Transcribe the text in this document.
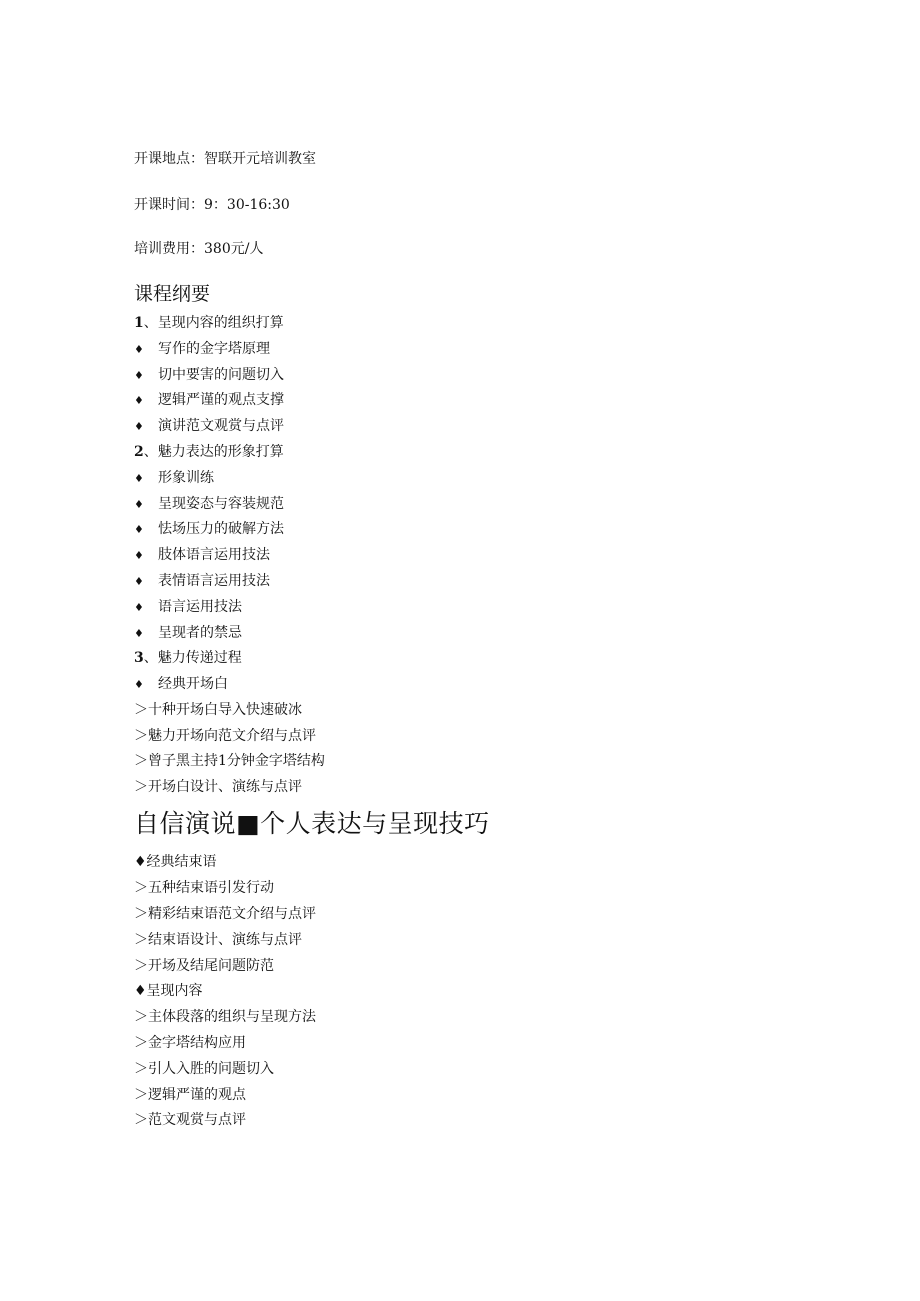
开课地点：智联开元培训教室
开课时间：9：30-16:30
培训费用：380元/人
课程纲要
1、呈现内容的组织打算
♦ 写作的金字塔原理
♦ 切中要害的问题切入
♦ 逻辑严谨的观点支撑
♦ 演讲范文观赏与点评
2、魅力表达的形象打算
♦ 形象训练
♦ 呈现姿态与容装规范
♦ 怯场压力的破解方法
♦ 肢体语言运用技法
♦ 表情语言运用技法
♦ 语言运用技法
♦ 呈现者的禁忌
3、魅力传递过程
♦ 经典开场白
＞十种开场白导入快速破冰
＞魅力开场向范文介绍与点评
＞曾子黑主持1分钟金字塔结构
＞开场白设计、演练与点评
自信演说■个人表达与呈现技巧
♦经典结束语
＞五种结束语引发行动
＞精彩结束语范文介绍与点评
＞结束语设计、演练与点评
＞开场及结尾问题防范
♦呈现内容
＞主体段落的组织与呈现方法
＞金字塔结构应用
＞引人入胜的问题切入
＞逻辑严谨的观点
＞范文观赏与点评
